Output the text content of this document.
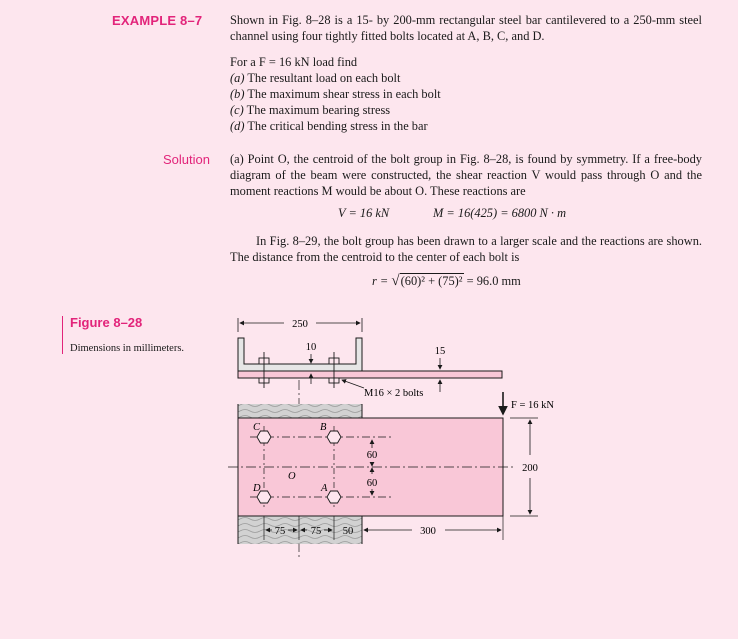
EXAMPLE 8–7 Shown in Fig. 8–28 is a 15- by 200-mm rectangular steel bar cantilevered to a 250-mm steel channel using four tightly fitted bolts located at A, B, C, and D.
For a F = 16 kN load find
(a) The resultant load on each bolt
(b) The maximum shear stress in each bolt
(c) The maximum bearing stress
(d) The critical bending stress in the bar
Solution (a) Point O, the centroid of the bolt group in Fig. 8–28, is found by symmetry. If a free-body diagram of the beam were constructed, the shear reaction V would pass through O and the moment reactions M would be about O. These reactions are
V = 16 kN	M = 16(425) = 6800 N · m
In Fig. 8–29, the bolt group has been drawn to a larger scale and the reactions are shown. The distance from the centroid to the center of each bolt is
r = √(60)² + (75)² = 96.0 mm
Figure 8–28
Dimensions in millimeters.
250
10	15
M16 × 2 bolts
C	B
D	A
O
60
60
F = 16 kN
200
75 75 50	300
